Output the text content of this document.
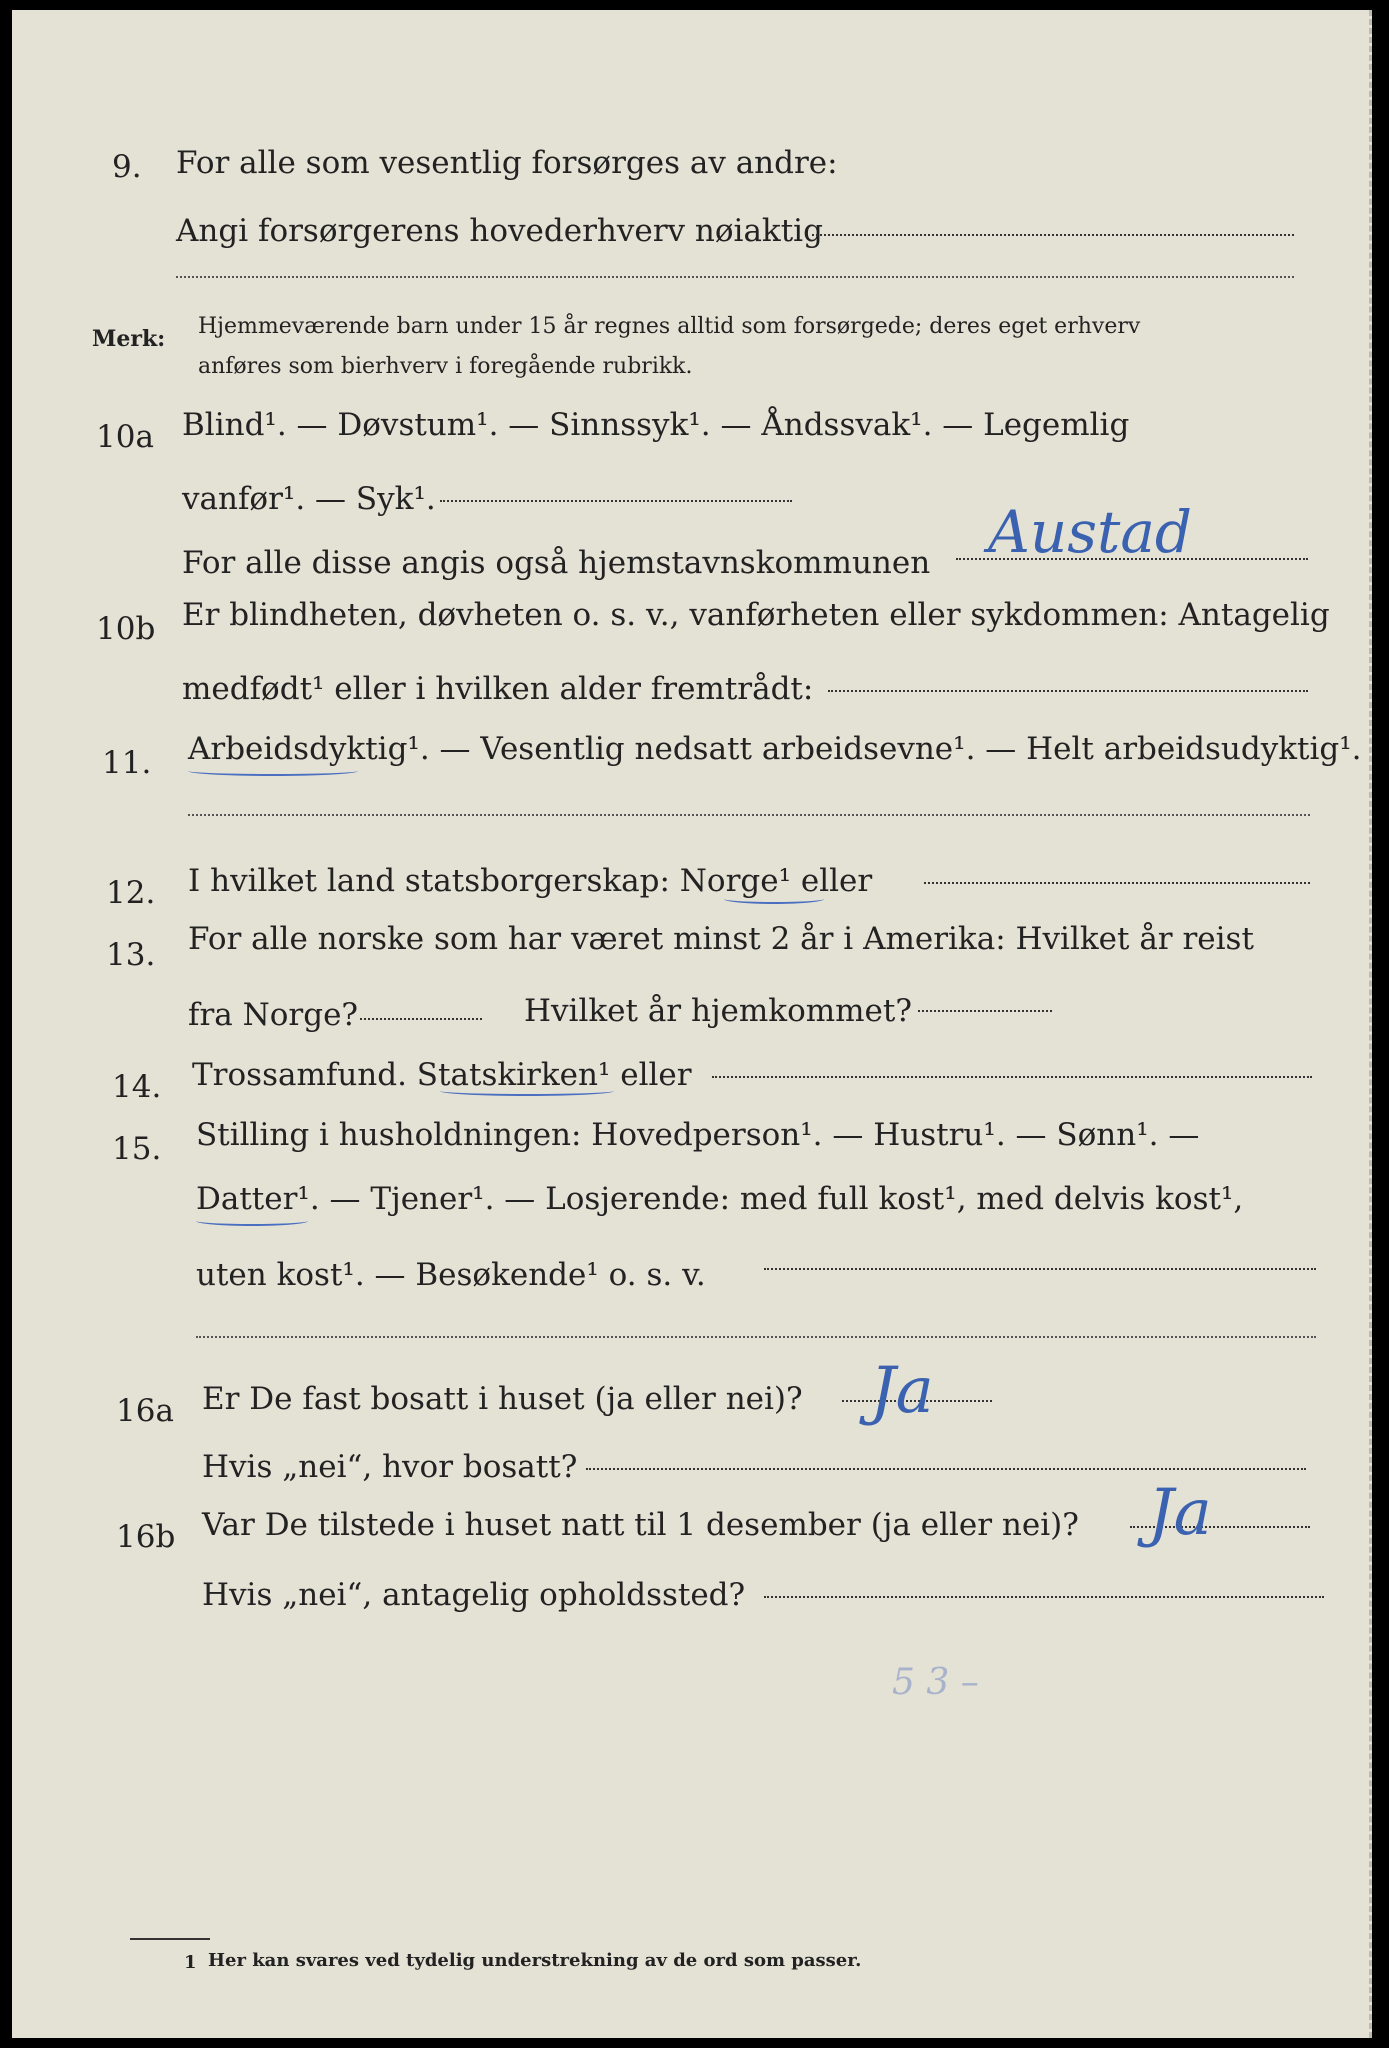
9. For alle som vesentlig forsørges av andre:
Angi forsørgerens hovederhverv nøiaktig
Merk: Hjemmeværende barn under 15 år regnes alltid som forsørgede; deres eget erhverv
anføres som bierhverv i foregående rubrikk.
10a Blind¹. — Døvstum¹. — Sinnssyk¹. — Åndssvak¹. — Legemlig
vanfør¹. — Syk¹.
For alle disse angis også hjemstavnskommunen Austad
10b Er blindheten, døvheten o. s. v., vanførheten eller sykdommen: Antagelig
medfødt¹ eller i hvilken alder fremtrådt:
11. Arbeidsdyktig¹. — Vesentlig nedsatt arbeidsevne¹. — Helt arbeidsudyktig¹.
12. I hvilket land statsborgerskap: Norge¹ eller
13. For alle norske som har været minst 2 år i Amerika: Hvilket år reist
fra Norge?	Hvilket år hjemkommet?
14. Trossamfund. Statskirken¹ eller
15. Stilling i husholdningen: Hovedperson¹. — Hustru¹. — Sønn¹. —
Datter¹. — Tjener¹. — Losjerende: med full kost¹, med delvis kost¹,
uten kost¹. — Besøkende¹ o. s. v.
16a Er De fast bosatt i huset (ja eller nei)? Ja
Hvis „nei“, hvor bosatt?
16b Var De tilstede i huset natt til 1 desember (ja eller nei)? Ja
Hvis „nei“, antagelig opholdssted?
5 3 –
1 Her kan svares ved tydelig understrekning av de ord som passer.
